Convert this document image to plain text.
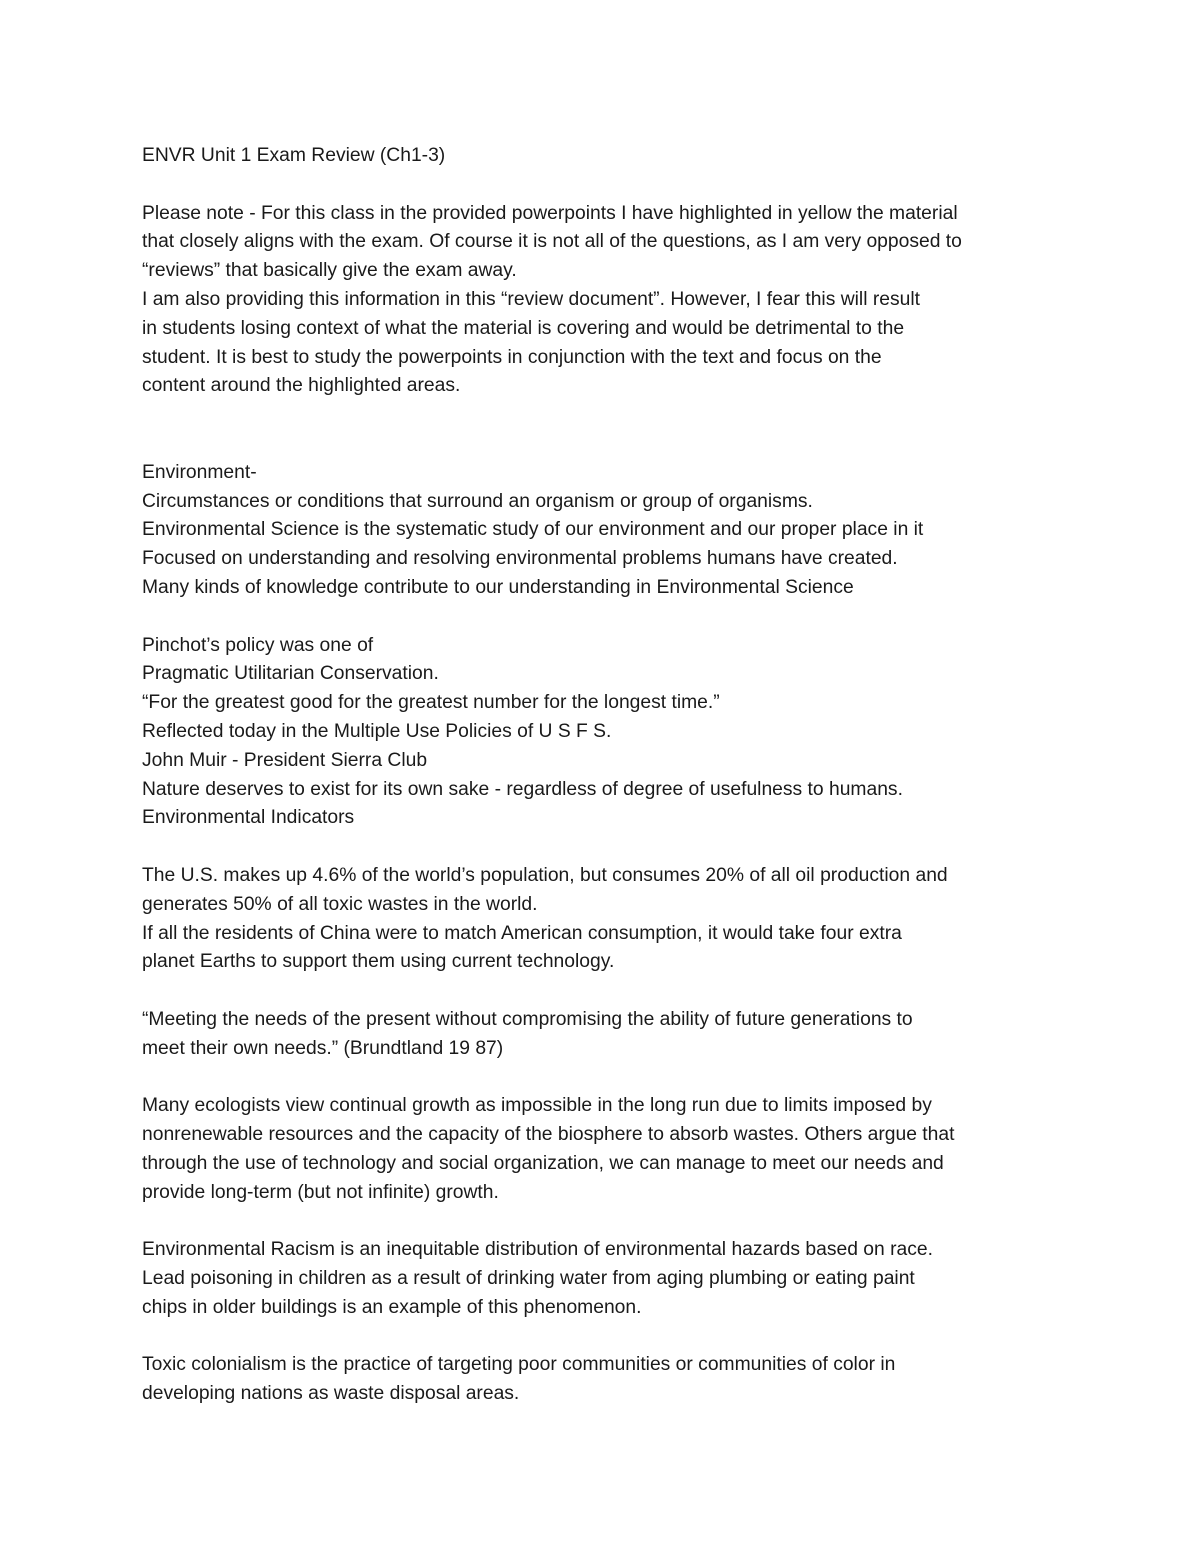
ENVR Unit 1 Exam Review (Ch1-3)
Please note - For this class in the provided powerpoints I have highlighted in yellow the material
that closely aligns with the exam. Of course it is not all of the questions, as I am very opposed to
“reviews” that basically give the exam away.
I am also providing this information in this “review document”. However, I fear this will result
in students losing context of what the material is covering and would be detrimental to the
student. It is best to study the powerpoints in conjunction with the text and focus on the
content around the highlighted areas.
Environment-
Circumstances or conditions that surround an organism or group of organisms.
Environmental Science is the systematic study of our environment and our proper place in it
Focused on understanding and resolving environmental problems humans have created.
Many kinds of knowledge contribute to our understanding in Environmental Science
Pinchot’s policy was one of
Pragmatic Utilitarian Conservation.
“For the greatest good for the greatest number for the longest time.”
Reflected today in the Multiple Use Policies of U S F S.
John Muir - President Sierra Club
Nature deserves to exist for its own sake - regardless of degree of usefulness to humans.
Environmental Indicators
The U.S. makes up 4.6% of the world’s population, but consumes 20% of all oil production and
generates 50% of all toxic wastes in the world.
If all the residents of China were to match American consumption, it would take four extra
planet Earths to support them using current technology.
“Meeting the needs of the present without compromising the ability of future generations to
meet their own needs.” (Brundtland 19 87)
Many ecologists view continual growth as impossible in the long run due to limits imposed by
nonrenewable resources and the capacity of the biosphere to absorb wastes. Others argue that
through the use of technology and social organization, we can manage to meet our needs and
provide long-term (but not infinite) growth.
Environmental Racism is an inequitable distribution of environmental hazards based on race.
Lead poisoning in children as a result of drinking water from aging plumbing or eating paint
chips in older buildings is an example of this phenomenon.
Toxic colonialism is the practice of targeting poor communities or communities of color in
developing nations as waste disposal areas.
